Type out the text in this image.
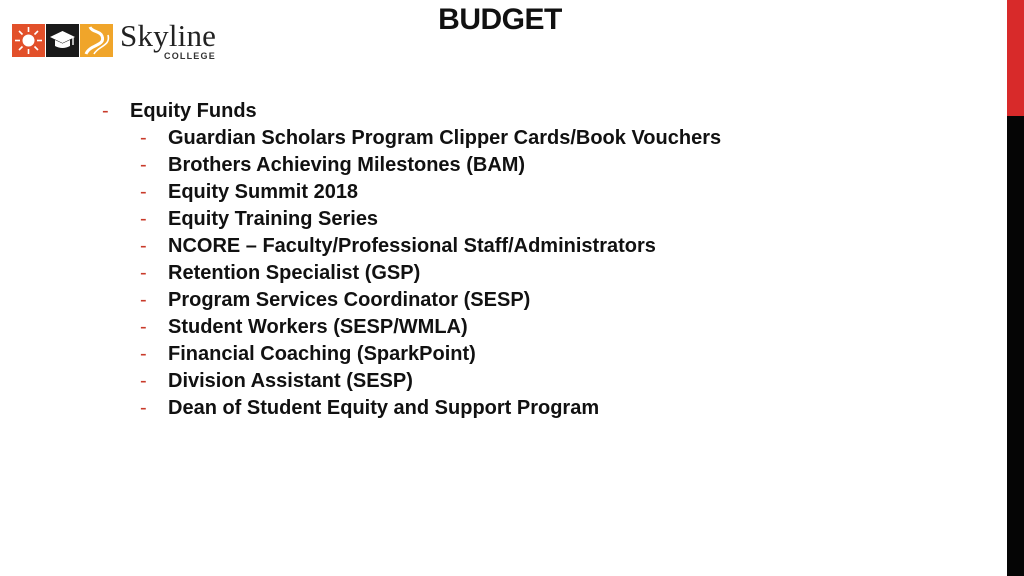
Skyline
COLLEGE
BUDGET
-	Equity Funds
-	Guardian Scholars Program Clipper Cards/Book Vouchers
-	Brothers Achieving Milestones (BAM)
-	Equity Summit 2018
-	Equity Training Series
-	NCORE – Faculty/Professional Staff/Administrators
-	Retention Specialist (GSP)
-	Program Services Coordinator (SESP)
-	Student Workers (SESP/WMLA)
-	Financial Coaching (SparkPoint)
-	Division Assistant (SESP)
-	Dean of Student Equity and Support Program
